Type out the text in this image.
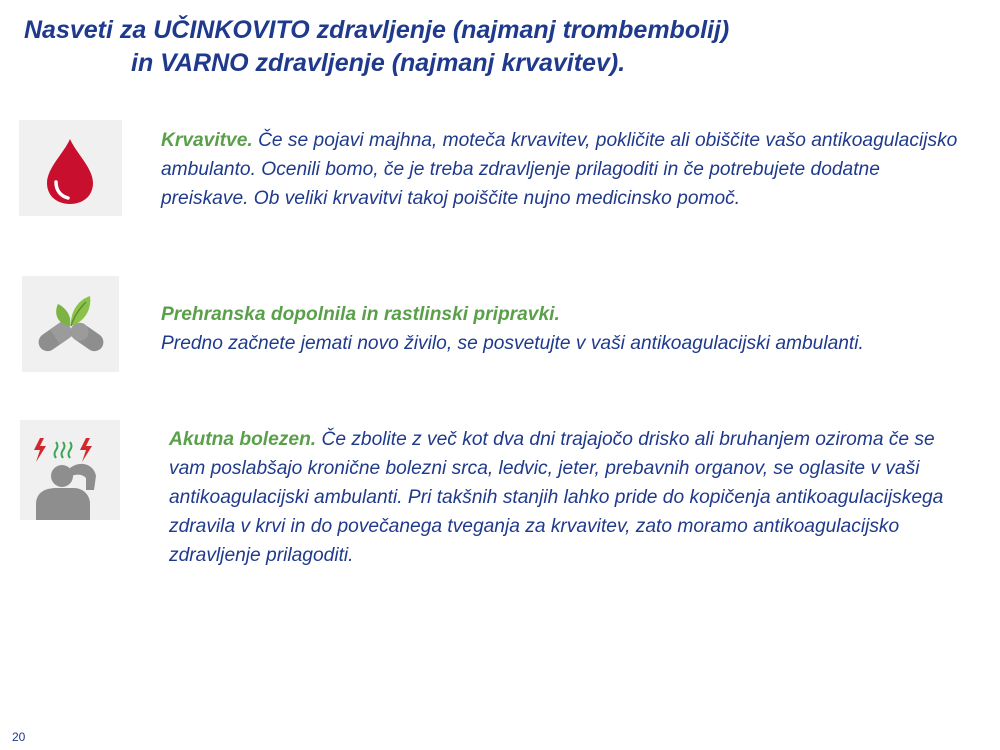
Nasveti za UČINKOVITO zdravljenje (najmanj trombembolij)
in VARNO zdravljenje (najmanj krvavitev).

Krvavitve. Če se pojavi majhna, moteča krvavitev, pokličite ali obiščite vašo antikoagulacijsko ambulanto. Ocenili bomo, če je treba zdravljenje prilagoditi in če potrebujete dodatne preiskave. Ob veliki krvavitvi takoj poiščite nujno medicinsko pomoč.

Prehranska dopolnila in rastlinski pripravki.
Predno začnete jemati novo živilo, se posvetujte v vaši antikoagulacijski ambulanti.

Akutna bolezen. Če zbolite z več kot dva dni trajajočo drisko ali bruhanjem oziroma če se vam poslabšajo kronične bolezni srca, ledvic, jeter, prebavnih organov, se oglasite v vaši antikoagulacijski ambulanti. Pri takšnih stanjih lahko pride do kopičenja antikoagulacijskega zdravila v krvi in do povečanega tveganja za krvavitev, zato moramo antikoagulacijsko zdravljenje prilagoditi.

20
